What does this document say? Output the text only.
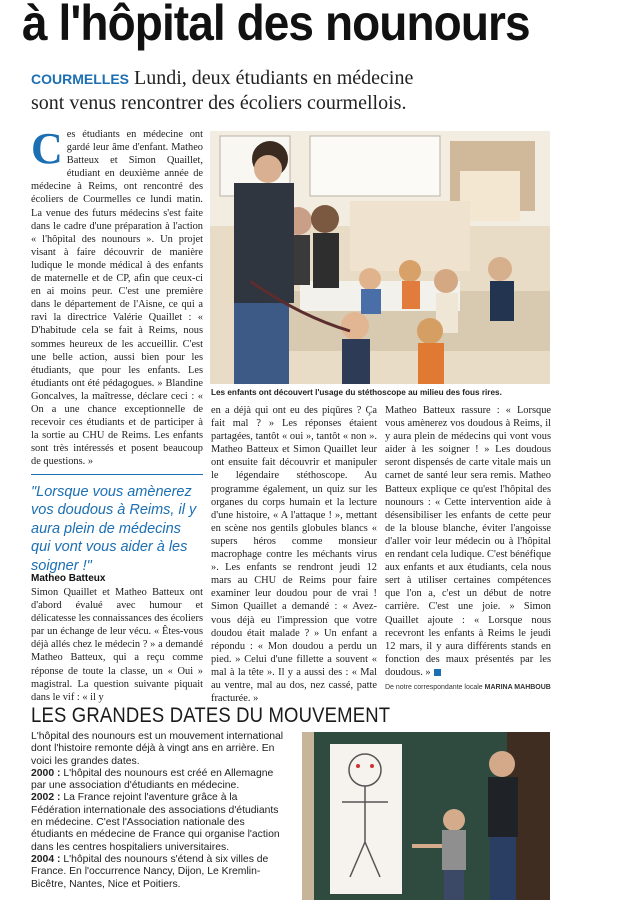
à l'hôpital des nounours
COURMELLES Lundi, deux étudiants en médecine
sont venus rencontrer des écoliers courmellois.
Ces étudiants en médecine ont gardé leur âme d'enfant. Matheo Batteux et Simon Quaillet, étudiant en deuxième année de médecine à Reims, ont rencontré des écoliers de Courmelles ce lundi matin. La venue des futurs médecins s'est faite dans le cadre d'une préparation à l'action « l'hôpital des nounours ». Un projet visant à faire découvrir de manière ludique le monde médical à des enfants de maternelle et de CP, afin que ceux-ci en ai moins peur. C'est une première dans le département de l'Aisne, ce qui a ravi la directrice Valérie Quaillet : « D'habitude cela se fait à Reims, nous sommes heureux de les accueillir. C'est une belle action, aussi bien pour les étudiants, que pour les enfants. Les étudiants ont été pédagogues. » Blandine Goncalves, la maîtresse, déclare ceci : « On a une chance exceptionnelle de recevoir ces étudiants et de participer à la sortie au CHU de Reims. Les enfants sont très intéressés et posent beaucoup de questions. »

"Lorsque vous amènerez vos doudous à Reims, il y aura plein de médecins qui vont vous aider à les soigner !"
Matheo Batteux

Simon Quaillet et Matheo Batteux ont d'abord évalué avec humour et délicatesse les connaissances des écoliers par un échange de leur vécu. « Êtes-vous déjà allés chez le médecin ? » a demandé Matheo Batteux, qui a reçu comme réponse de toute la classe, un « Oui » magistral. La question suivante piquait dans le vif : « il y

Les enfants ont découvert l'usage du stéthoscope au milieu des fous rires.

en a déjà qui ont eu des piqûres ? Ça fait mal ? » Les réponses étaient partagées, tantôt « oui », tantôt « non ». Matheo Batteux et Simon Quaillet leur ont ensuite fait découvrir et manipuler le légendaire stéthoscope. Au programme également, un quiz sur les organes du corps humain et la lecture d'une histoire, « A l'attaque ! », mettant en scène nos gentils globules blancs « supers héros comme monsieur macrophage contre les méchants virus ». Les enfants se rendront jeudi 12 mars au CHU de Reims pour faire examiner leur doudou pour de vrai ! Simon Quaillet a demandé : « Avez-vous déjà eu l'impression que votre doudou était malade ? » Un enfant a répondu : « Mon doudou a perdu un pied. » Celui d'une fillette a souvent « mal à la tête ». Il y a aussi des : « Mal au ventre, mal au dos, nez cassé, patte fracturée. »

Matheo Batteux rassure : « Lorsque vous amènerez vos doudous à Reims, il y aura plein de médecins qui vont vous aider à les soigner ! » Les doudous seront dispensés de carte vitale mais un carnet de santé leur sera remis. Matheo Batteux explique ce qu'est l'hôpital des nounours : « Cette intervention aide à désensibiliser les enfants de cette peur de la blouse blanche, éviter l'angoisse d'aller voir leur médecin ou à l'hôpital en rendant cela ludique. C'est bénéfique aux enfants et aux étudiants, cela nous sert à utiliser certaines compétences que l'on a, c'est un début de notre carrière. C'est une joie. » Simon Quaillet ajoute : « Lorsque nous recevront les enfants à Reims le jeudi 12 mars, il y aura différents stands en fonction des maux présentés par les doudous. »

De notre correspondante locale MARINA MAHBOUB
LES GRANDES DATES DU MOUVEMENT

L'hôpital des nounours est un mouvement international dont l'histoire remonte déjà à vingt ans en arrière. En voici les grandes dates.

2000 : L'hôpital des nounours est créé en Allemagne par une association d'étudiants en médecine.

2002 : La France rejoint l'aventure grâce à la Fédération internationale des associations d'étudiants en médecine. C'est l'Association nationale des étudiants en médecine de France qui organise l'action dans les centres hospitaliers universitaires.

2004 : L'hôpital des nounours s'étend à six villes de France. En l'occurrence Nancy, Dijon, Le Kremlin-Bicêtre, Nantes, Nice et Poitiers.
